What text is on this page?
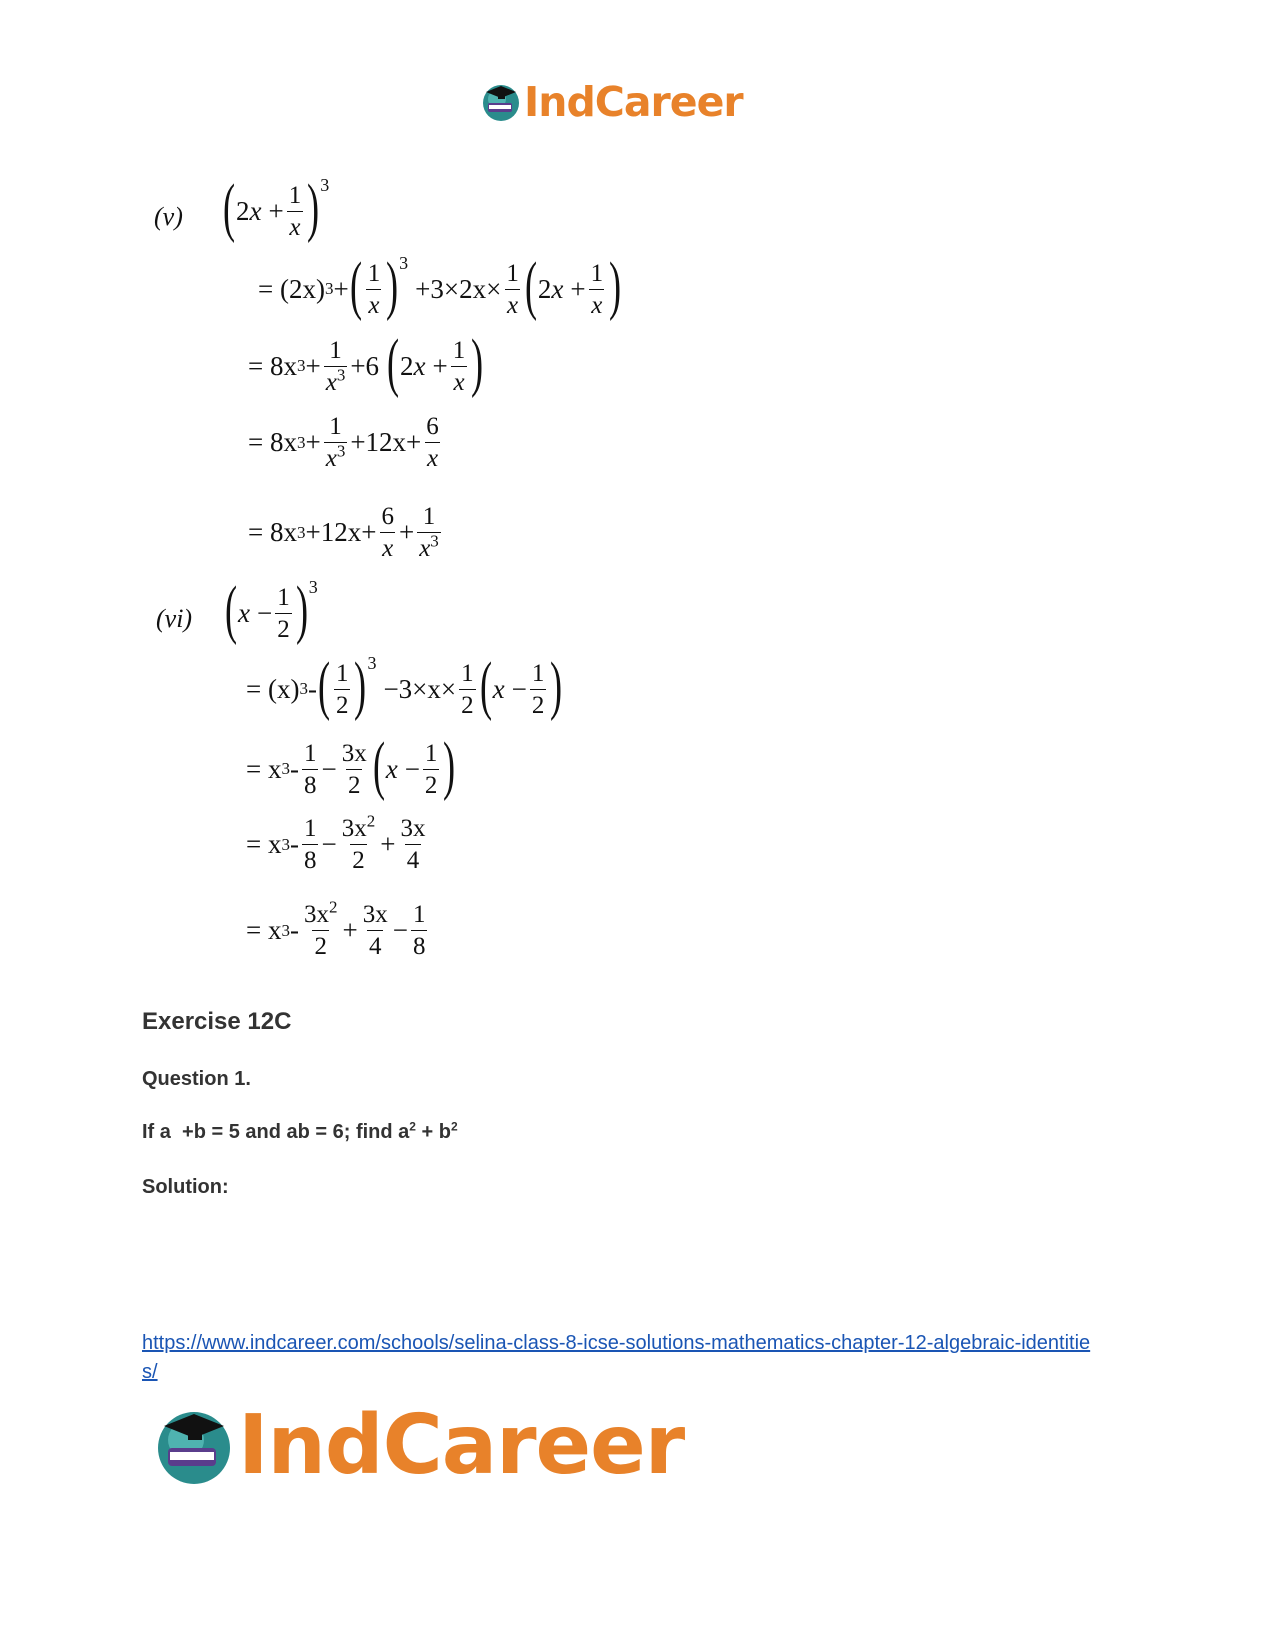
IndCareer
(v) ( 2 $x + \frac{1}{x}$ ) 3
= (2x) 3 + ( $\frac{1}{x}$ ) 3
$+3\times 2x\times \frac{1}{x}$ ( 2 $x + \frac{1}{x}$ )
= 8x $3 + \frac{1}{x^3} +6$ ( 2 $x + \frac{1}{x}$ )
= 8x $3 + \frac{1}{x^3} +12x+ \frac{6}{x}$
= 8x $3 +12x+ \frac{6}{x} + \frac{1}{x^3}$
(vi) ( $x - \frac{1}{2}$ ) 3
= (x) 3 - ( $\frac{1}{2}$ ) 3
$-3\times x\times \frac{1}{2}$ ( $x - \frac{1}{2}$ )
= x $3 - \frac{1}{8} - \frac{3x}{2}$ ( $x - \frac{1}{2}$ )
= x $3 - \frac{1}{8} - \frac{3x^2}{2} + \frac{3x}{4}$
= x $3 - \frac{3x^2}{2} + \frac{3x}{4} - \frac{1}{8}$
Exercise 12C
Question 1.
If a  +b = 5 and ab = 6; find $a^2 + b^2$
Solution:
https://www.indcareer.com/schools/selina-class-8-icse-solutions-mathematics-chapter-12-algebraic-identities/
IndCareer
